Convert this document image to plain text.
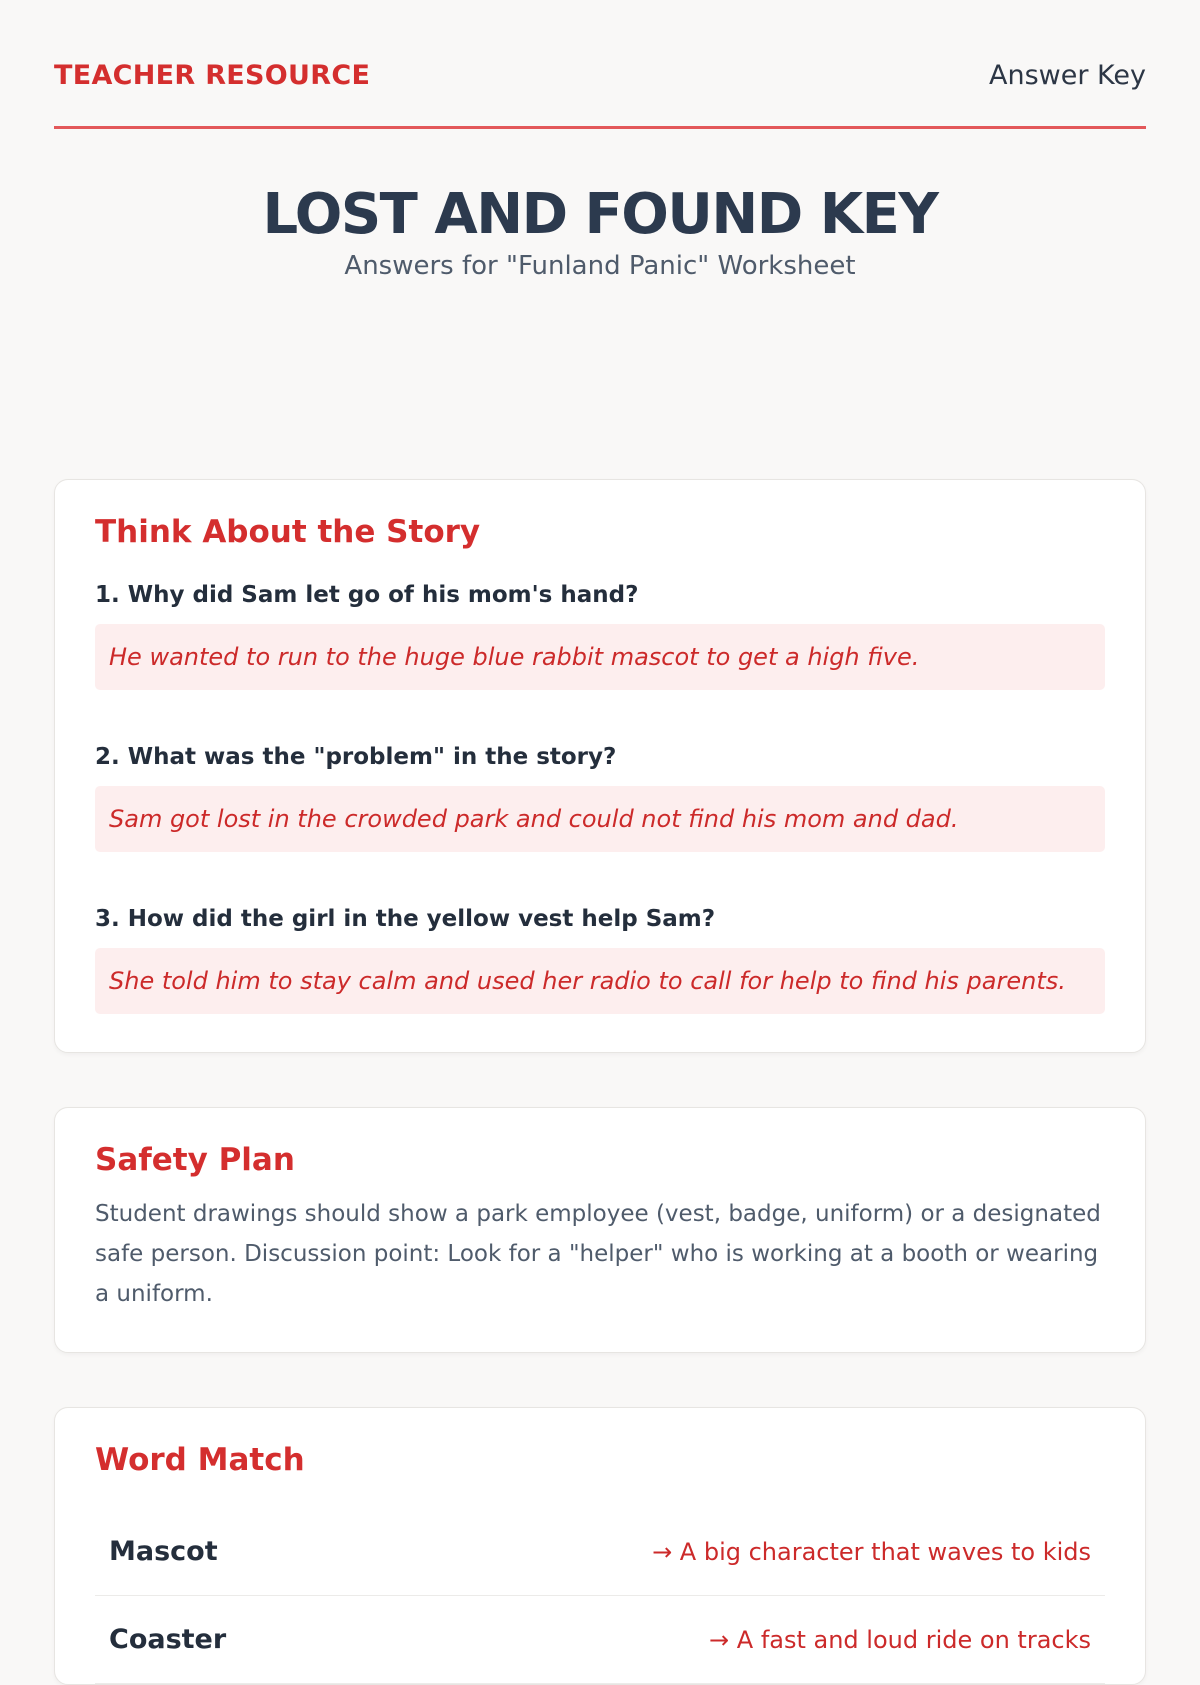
TEACHER RESOURCE	Answer Key
LOST AND FOUND KEY
Answers for "Funland Panic" Worksheet
Think About the Story
1. Why did Sam let go of his mom's hand?
He wanted to run to the huge blue rabbit mascot to get a high five.
2. What was the "problem" in the story?
Sam got lost in the crowded park and could not find his mom and dad.
3. How did the girl in the yellow vest help Sam?
She told him to stay calm and used her radio to call for help to find his parents.
Safety Plan

Student drawings should show a park employee (vest, badge, uniform) or a designated safe person. Discussion point: Look for a "helper" who is working at a booth or wearing a uniform.

Word Match
Mascot	→ A big character that waves to kids
Coaster	→ A fast and loud ride on tracks
